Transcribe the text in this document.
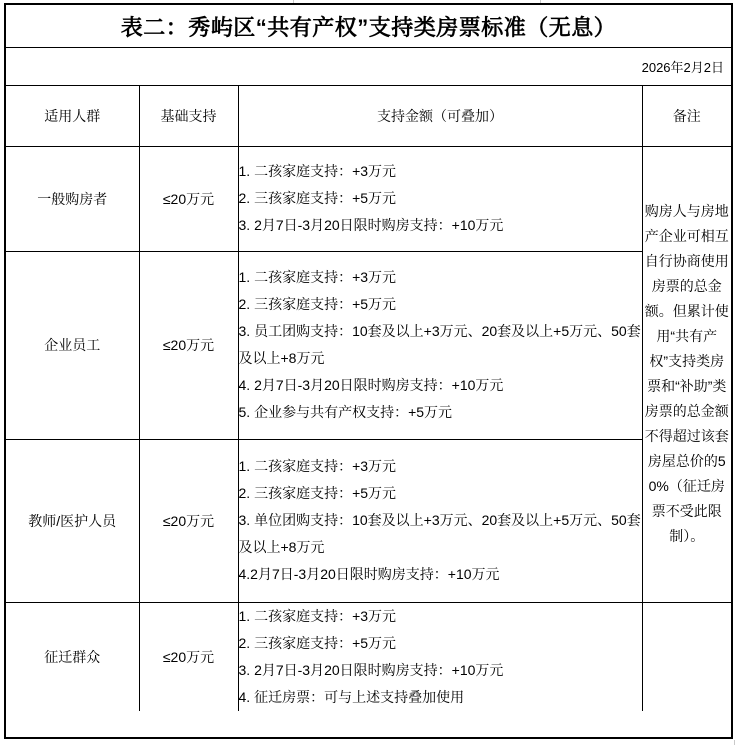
表二：秀屿区“共有产权”支持类房票标准（无息）
2026年2月2日
适用人群	基础支持	支持金额（可叠加）	备注
一般购房者	≤20万元	1. 二孩家庭支持：+3万元
2. 三孩家庭支持：+5万元
3. 2月7日-3月20日限时购房支持：+10万元	购房人与房地产企业可相互自行协商使用房票的总金额。但累计使用“共有产权”支持类房票和“补助”类房票的总金额不得超过该套房屋总价的50%（征迁房票不受此限制）。

企业员工	≤20万元	1. 二孩家庭支持：+3万元
2. 三孩家庭支持：+5万元
3. 员工团购支持：10套及以上+3万元、20套及以上+5万元、50套及以上+8万元
4. 2月7日-3月20日限时购房支持：+10万元
5. 企业参与共有产权支持：+5万元	

教师/医护人员	≤20万元	1. 二孩家庭支持：+3万元
2. 三孩家庭支持：+5万元
3. 单位团购支持：10套及以上+3万元、20套及以上+5万元、50套及以上+8万元
4.2月7日-3月20日限时购房支持：+10万元	

征迁群众	≤20万元	1. 二孩家庭支持：+3万元
2. 三孩家庭支持：+5万元
3. 2月7日-3月20日限时购房支持：+10万元
4. 征迁房票：可与上述支持叠加使用	
